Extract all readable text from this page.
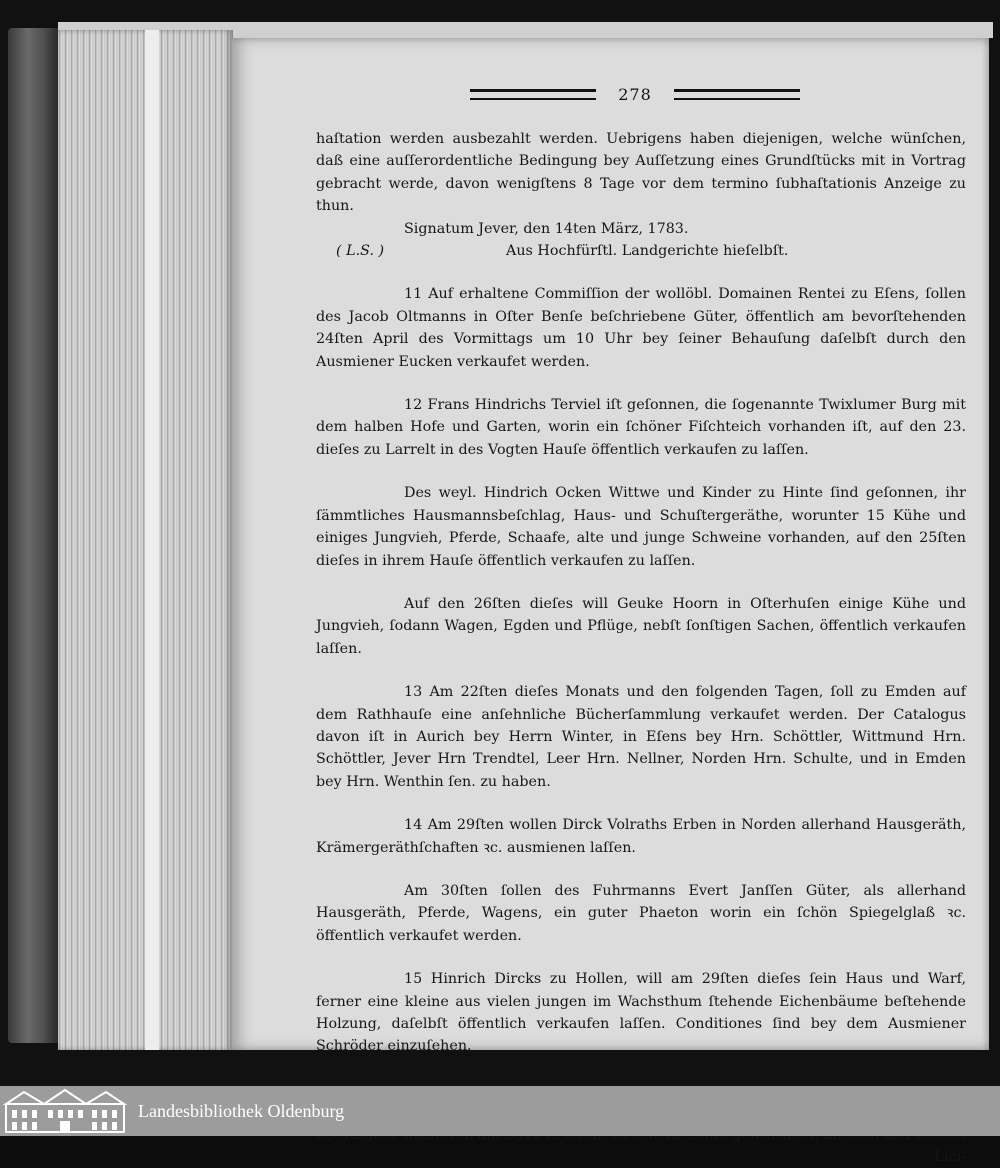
278

haſtation werden ausbezahlt werden. Uebrigens haben diejenigen, welche wünſchen, daß eine auſſerordentliche Bedingung bey Auſſetzung eines Grundſtücks mit in Vortrag gebracht werde, davon wenigſtens 8 Tage vor dem termino ſubhaſtationis Anzeige zu thun.

Signatum Jever, den 14ten März, 1783.

( L.S. )	Aus Hochfürſtl. Landgerichte hieſelbſt.

11 Auf erhaltene Commiſſion der wollöbl. Domainen Rentei zu Eſens, ſollen des Jacob Oltmanns in Oſter Benſe beſchriebene Güter, öffentlich am bevorſtehenden 24ſten April des Vormittags um 10 Uhr bey ſeiner Behauſung daſelbſt durch den Ausmiener Eucken verkaufet werden.

12 Frans Hindrichs Terviel iſt geſonnen, die ſogenannte Twixlumer Burg mit dem halben Hofe und Garten, worin ein ſchöner Fiſchteich vorhanden iſt, auf den 23. dieſes zu Larrelt in des Vogten Hauſe öffentlich verkaufen zu laſſen.

Des weyl. Hindrich Ocken Wittwe und Kinder zu Hinte ſind geſonnen, ihr ſämmtliches Hausmannsbeſchlag, Haus- und Schuſtergeräthe, worunter 15 Kühe und einiges Jungvieh, Pferde, Schaafe, alte und junge Schweine vorhanden, auf den 25ſten dieſes in ihrem Hauſe öffentlich verkaufen zu laſſen.

Auf den 26ſten dieſes will Geuke Hoorn in Oſterhuſen einige Kühe und Jungvieh, ſodann Wagen, Egden und Pflüge, nebſt ſonſtigen Sachen, öffentlich verkaufen laſſen.

13 Am 22ſten dieſes Monats und den folgenden Tagen, ſoll zu Emden auf dem Rathhauſe eine anſehnliche Bücherſammlung verkaufet werden. Der Catalogus davon iſt in Aurich bey Herrn Winter, in Eſens bey Hrn. Schöttler, Wittmund Hrn. Schöttler, Jever Hrn Trendtel, Leer Hrn. Nellner, Norden Hrn. Schulte, und in Emden bey Hrn. Wenthin ſen. zu haben.

14 Am 29ſten wollen Dirck Volraths Erben in Norden allerhand Hausgeräth, Krämergeräthſchaften ꝛc. ausmienen laſſen.

Am 30ſten ſollen des Fuhrmanns Evert Janſſen Güter, als allerhand Hausgeräth, Pferde, Wagens, ein guter Phaeton worin ein ſchön Spiegelglaß ꝛc. öffentlich verkaufet werden.

15 Hinrich Dircks zu Hollen, will am 29ſten dieſes ſein Haus und Warf, ferner eine kleine aus vielen jungen im Wachsthum ſtehende Eichenbäume beſtehende Holzung, daſelbſt öffentlich verkaufen laſſen. Conditiones ſind bey dem Ausmiener Schröder einzuſehen.

Lici-

Landesbibliothek Oldenburg
